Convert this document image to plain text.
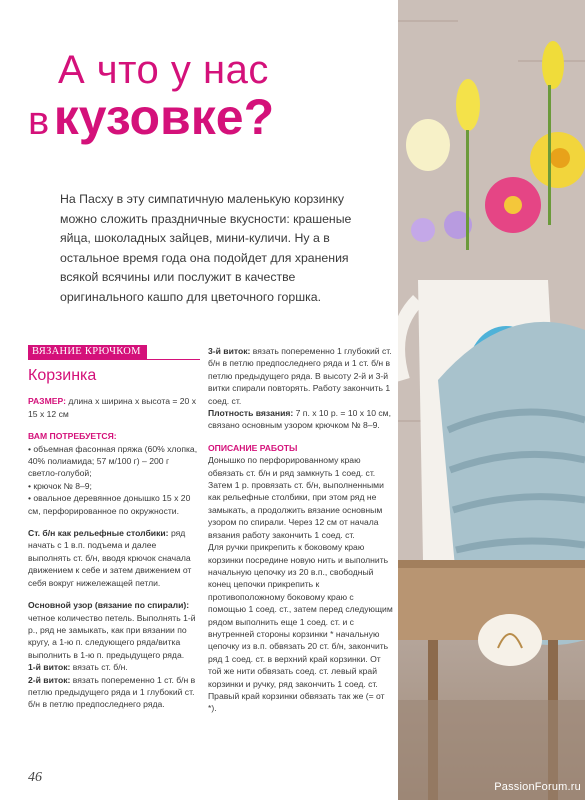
А что у нас
в кузовке?
На Пасху в эту симпатичную маленькую корзинку можно сложить праздничные вкусности: крашеные яйца, шоколадных зайцев, мини-куличи. Ну а в остальное время года она подойдет для хранения всякой всячины или послужит в качестве оригинального кашпо для цветочного горшка.
ВЯЗАНИЕ КРЮЧКОМ
Корзинка

РАЗМЕР: длина x ширина x высота = 20 x 15 x 12 см

ВАМ ПОТРЕБУЕТСЯ:

• объемная фасонная пряжа (60% хлопка, 40% полиамида; 57 м/100 г) – 200 г светло-голубой;

• крючок № 8–9;

• овальное деревянное донышко 15 x 20 см, перфорированное по окружности.

Ст. б/н как рельефные столбики: ряд начать с 1 в.п. подъема и далее выполнять ст. б/н, вводя крючок сначала движением к себе и затем движением от себя вокруг нижележащей петли.

Основной узор (вязание по спирали): четное количество петель. Выполнять 1-й р., ряд не замыкать, как при вязании по кругу, а 1-ю п. следующего ряда/витка выполнить в 1-ю п. предыдущего ряда.

1-й виток: вязать ст. б/н.

2-й виток: вязать попеременно 1 ст. б/н в петлю предыдущего ряда и 1 глубокий ст. б/н в петлю предпоследнего ряда.

3-й виток: вязать попеременно 1 глубокий ст. б/н в петлю предпоследнего ряда и 1 ст. б/н в петлю предыдущего ряда. В высоту 2-й и 3-й витки спирали повторять. Работу закончить 1 соед. ст.

Плотность вязания: 7 п. x 10 р. = 10 x 10 см, связано основным узором крючком № 8–9.

ОПИСАНИЕ РАБОТЫ

Донышко по перфорированному краю обвязать ст. б/н и ряд замкнуть 1 соед. ст. Затем 1 р. провязать ст. б/н, выполненными как рельефные столбики, при этом ряд не замыкать, а продолжить вязание основным узором по спирали. Через 12 см от начала вязания работу закончить 1 соед. ст.

Для ручки прикрепить к боковому краю корзинки посредине новую нить и выполнить начальную цепочку из 20 в.п., свободный конец цепочки прикрепить к противоположному боковому краю с помощью 1 соед. ст., затем перед следующим рядом выполнить еще 1 соед. ст. и с внутренней стороны корзинки * начальную цепочку из в.п. обвязать 20 ст. б/н, закончить ряд 1 соед. ст. в верхний край корзинки. От той же нити обвязать соед. ст. левый край корзинки и ручку, ряд закончить 1 соед. ст. Правый край корзинки обвязать так же (= от *).

46
PassionForum.ru
